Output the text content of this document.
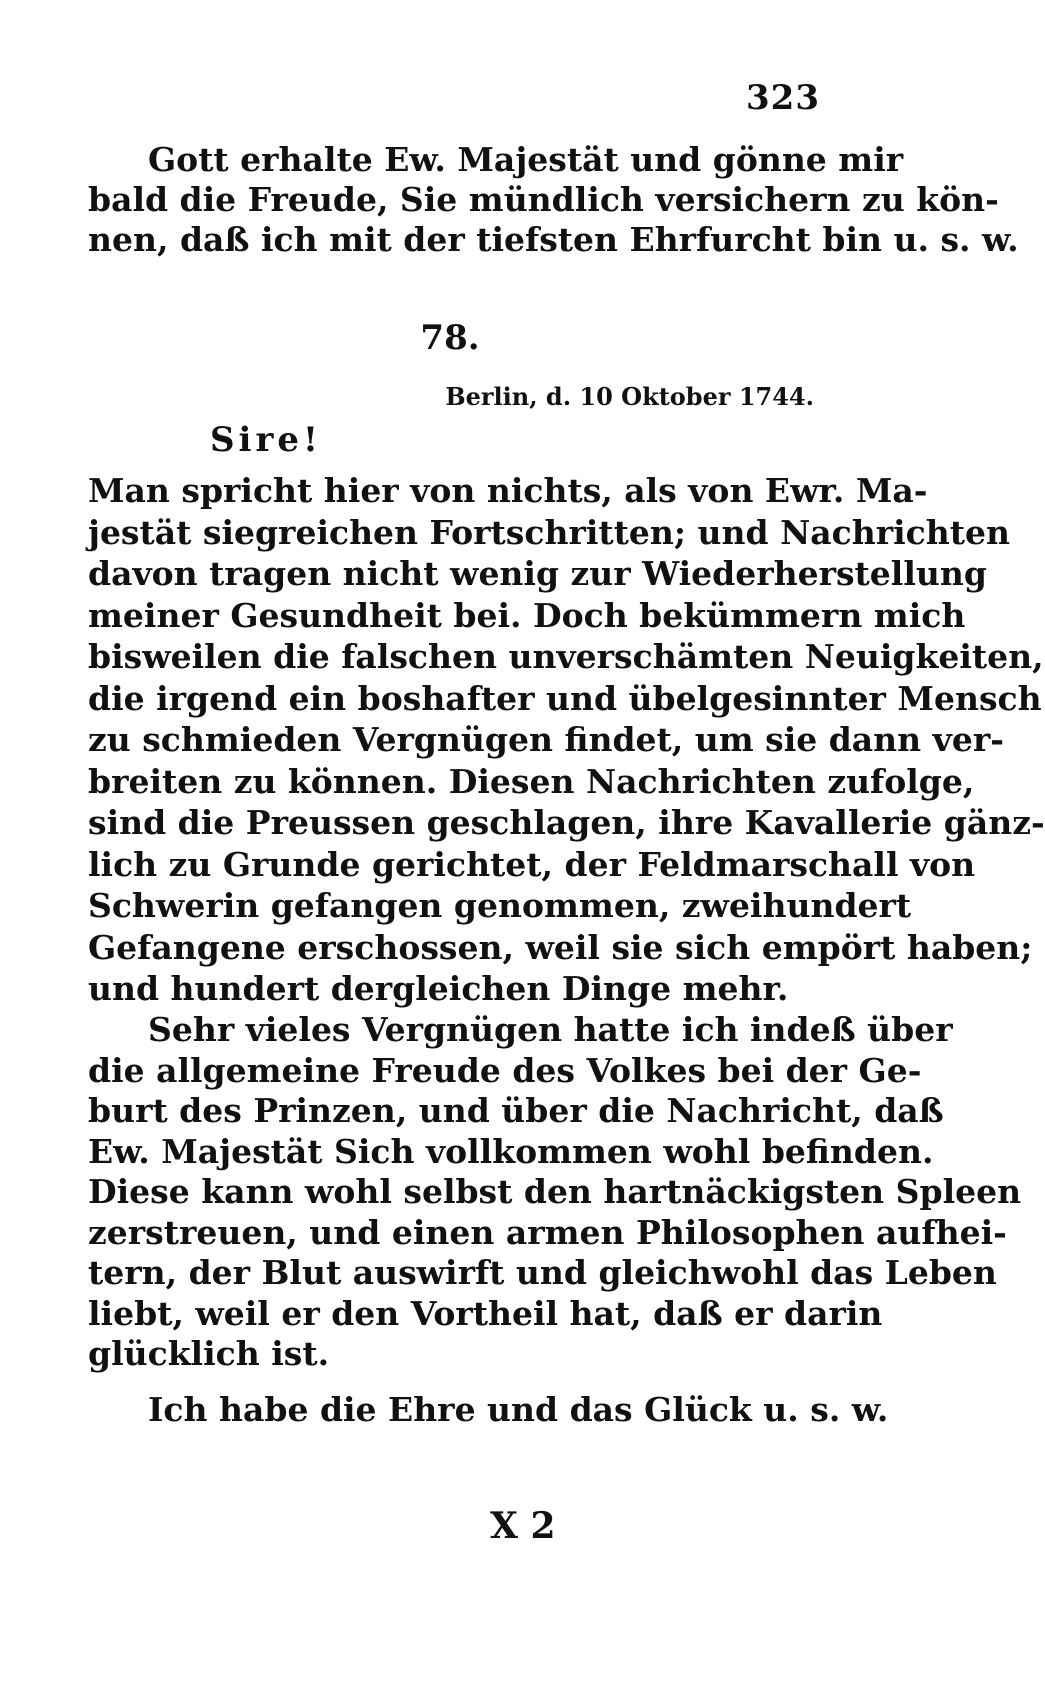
323
Gott erhalte Ew. Majestät und gönne mir
bald die Freude, Sie mündlich versichern zu kön-
nen, daß ich mit der tiefsten Ehrfurcht bin u. s. w.
78.
Berlin, d. 10 Oktober 1744.
Sire!
Man spricht hier von nichts, als von Ewr. Ma-
jestät siegreichen Fortschritten; und Nachrichten
davon tragen nicht wenig zur Wiederherstellung
meiner Gesundheit bei. Doch bekümmern mich
bisweilen die falschen unverschämten Neuigkeiten,
die irgend ein boshafter und übelgesinnter Mensch
zu schmieden Vergnügen findet, um sie dann ver-
breiten zu können. Diesen Nachrichten zufolge,
sind die Preussen geschlagen, ihre Kavallerie gänz-
lich zu Grunde gerichtet, der Feldmarschall von
Schwerin gefangen genommen, zweihundert
Gefangene erschossen, weil sie sich empört haben;
und hundert dergleichen Dinge mehr.
Sehr vieles Vergnügen hatte ich indeß über
die allgemeine Freude des Volkes bei der Ge-
burt des Prinzen, und über die Nachricht, daß
Ew. Majestät Sich vollkommen wohl befinden.
Diese kann wohl selbst den hartnäckigsten Spleen
zerstreuen, und einen armen Philosophen aufhei-
tern, der Blut auswirft und gleichwohl das Leben
liebt, weil er den Vortheil hat, daß er darin
glücklich ist.
Ich habe die Ehre und das Glück u. s. w.
X 2
